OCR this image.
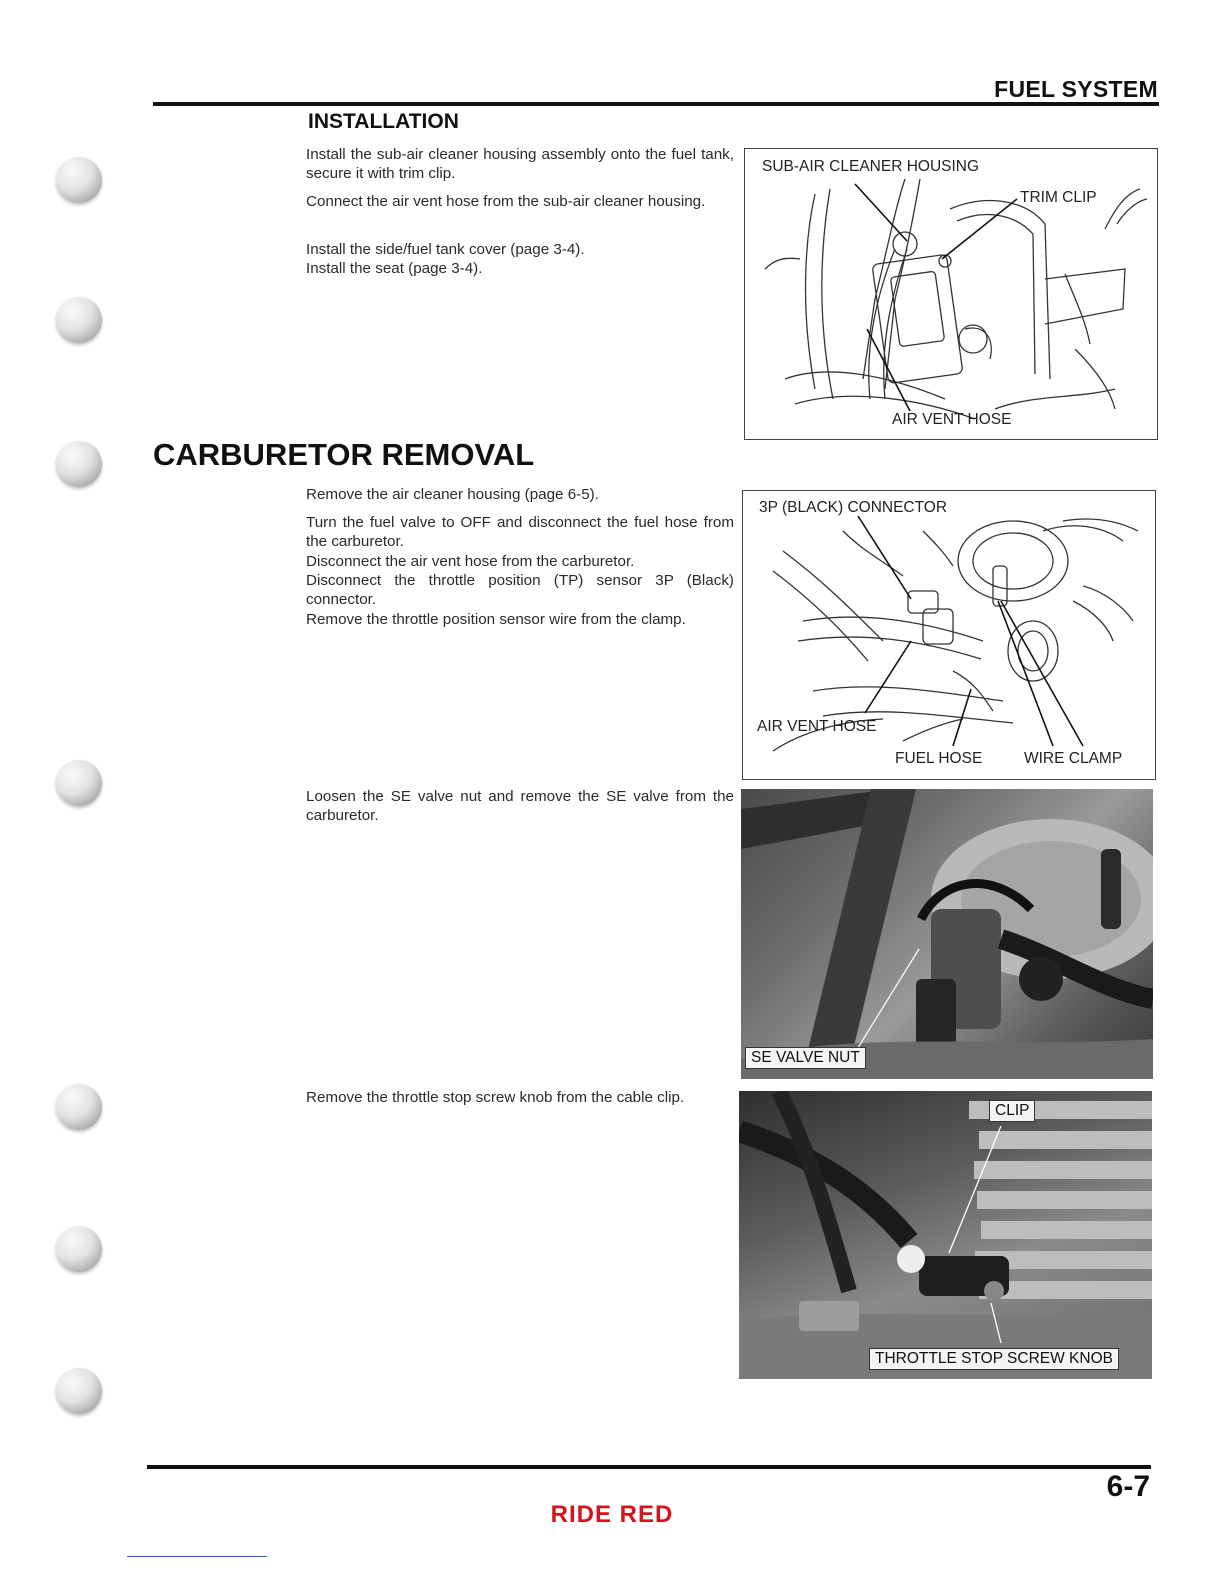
FUEL SYSTEM
INSTALLATION

Install the sub-air cleaner housing assembly onto the fuel tank, secure it with trim clip.

Connect the air vent hose from the sub-air cleaner housing.

Install the side/fuel tank cover (page 3-4).

Install the seat (page 3-4).

SUB-AIR CLEANER HOUSING
TRIM CLIP
AIR VENT HOSE
CARBURETOR REMOVAL

Remove the air cleaner housing (page 6-5).

Turn the fuel valve to OFF and disconnect the fuel hose from the carburetor.

Disconnect the air vent hose from the carburetor.

Disconnect the throttle position (TP) sensor 3P (Black) connector.

Remove the throttle position sensor wire from the clamp.

3P (BLACK) CONNECTOR
AIR VENT HOSE
FUEL HOSE	WIRE CLAMP

Loosen the SE valve nut and remove the SE valve from the carburetor.

SE VALVE NUT

Remove the throttle stop screw knob from the cable clip.

CLIP
THROTTLE STOP SCREW KNOB
6-7
RIDE RED
